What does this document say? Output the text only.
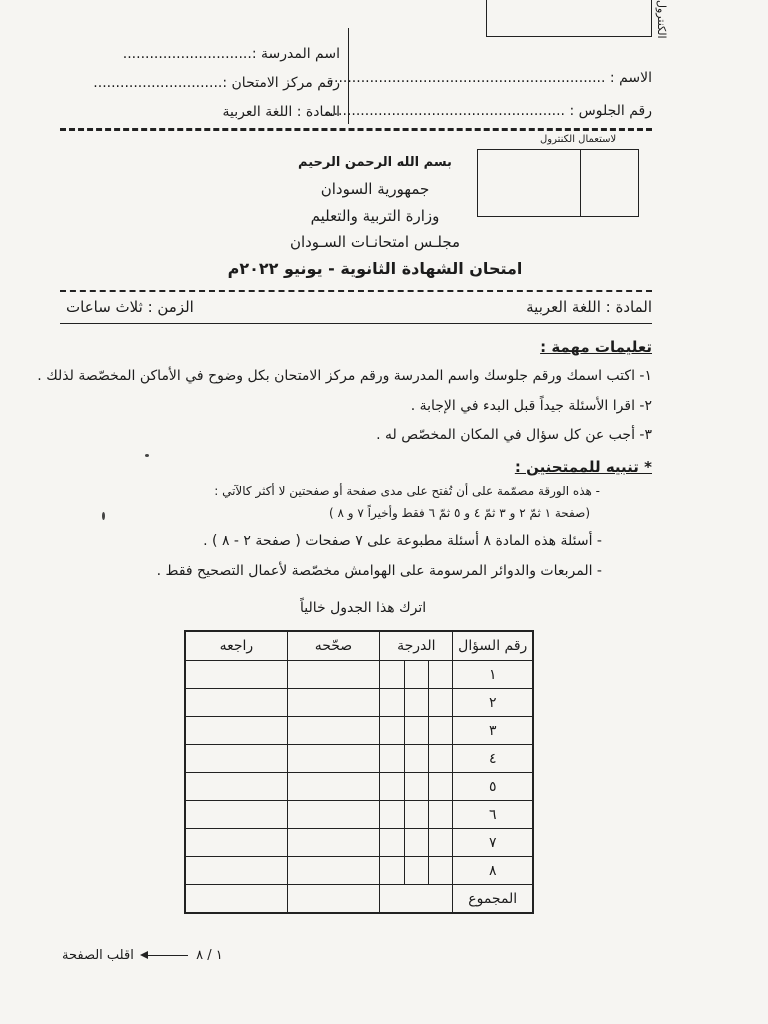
الكنترول
اسم المدرسة :.............................
رقم مركز الامتحان :.............................
المادة : اللغة العربية
الاسم : ..............................................................
رقم الجلوس : ......................................................
لاستعمال الكنترول
بسم الله الرحمن الرحيم
جمهورية السودان
وزارة التربية والتعليم
مجلـس امتحانـات السـودان
امتحان الشهادة الثانوية - يونيو ٢٠٢٢م
المادة : اللغة العربية
الزمن : ثلاث ساعات
تعليمات مهمة :
١- اكتب اسمك ورقم جلوسك واسم المدرسة ورقم مركز الامتحان بكل وضوح في الأماكن المخصّصة لذلك .
٢- اقرا الأسئلة جيداً قبل البدء في الإجابة .
٣- أجب عن كل سؤال في المكان المخصّص له .
* تنبيه للممتحنين :
- هذه الورقة مصمّمة على أن تُفتح على مدى صفحة أو صفحتين لا أكثر كالآتي :
(صفحة ١ ثمّ ٢ و ٣ ثمّ ٤ و ٥ ثمّ ٦ فقط وأخيراً ٧ و ٨ )
- أسئلة هذه المادة ٨ أسئلة مطبوعة على ٧ صفحات ( صفحة ٢ - ٨ ) .
- المربعات والدوائر المرسومة على الهوامش مخصّصة لأعمال التصحيح فقط .
اترك هذا الجدول خالياً
رقم السؤال	الدرجة			صحّحه	راجعه
١					
٢					
٣					
٤					
٥					
٦					
٧					
٨					
المجموع					
اقلب الصفحة	١ / ٨
